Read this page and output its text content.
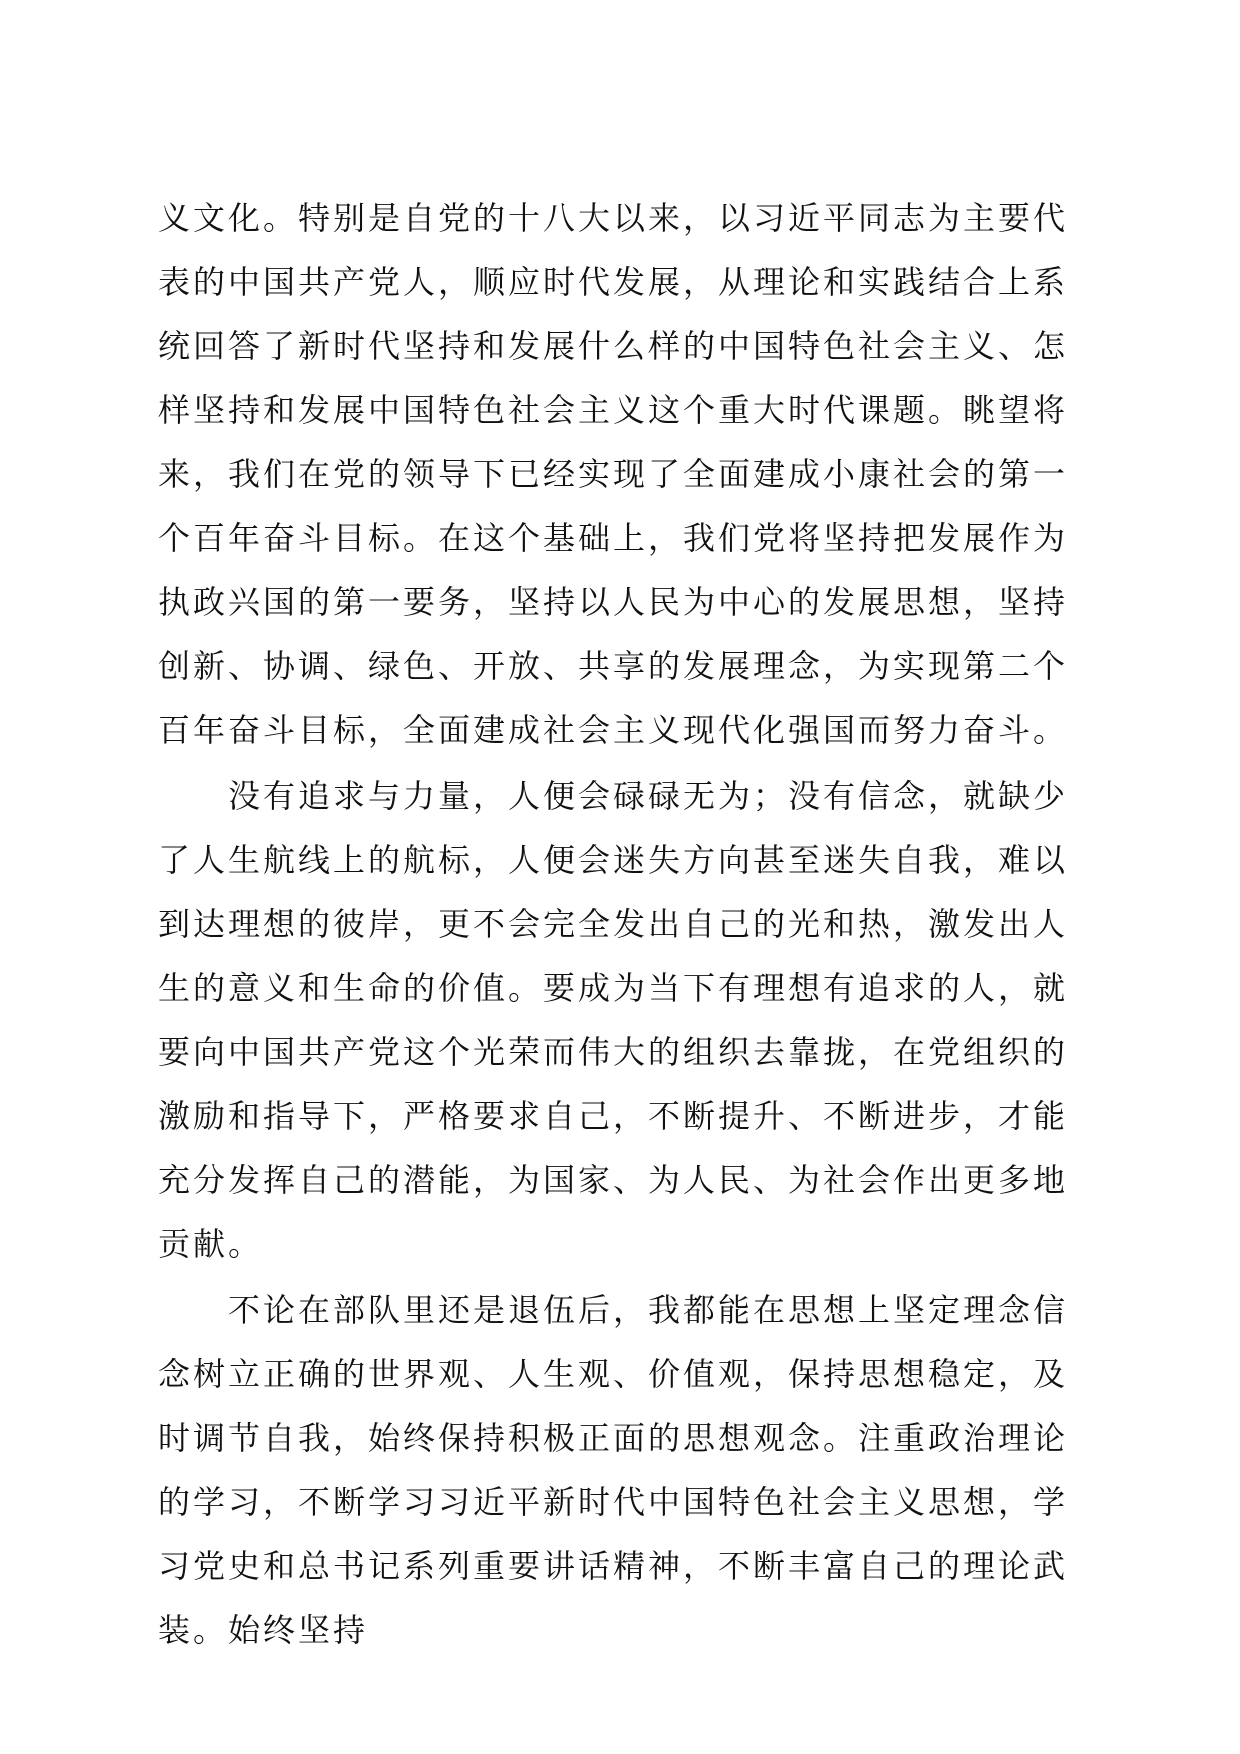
义文化。特别是自党的十八大以来，以习近平同志为主要代表的中国共产党人，顺应时代发展，从理论和实践结合上系统回答了新时代坚持和发展什么样的中国特色社会主义、怎样坚持和发展中国特色社会主义这个重大时代课题。眺望将来，我们在党的领导下已经实现了全面建成小康社会的第一个百年奋斗目标。在这个基础上，我们党将坚持把发展作为执政兴国的第一要务，坚持以人民为中心的发展思想，坚持创新、协调、绿色、开放、共享的发展理念，为实现第二个百年奋斗目标，全面建成社会主义现代化强国而努力奋斗。

没有追求与力量，人便会碌碌无为；没有信念，就缺少了人生航线上的航标，人便会迷失方向甚至迷失自我，难以到达理想的彼岸，更不会完全发出自己的光和热，激发出人生的意义和生命的价值。要成为当下有理想有追求的人，就要向中国共产党这个光荣而伟大的组织去靠拢，在党组织的激励和指导下，严格要求自己，不断提升、不断进步，才能充分发挥自己的潜能，为国家、为人民、为社会作出更多地贡献。

不论在部队里还是退伍后，我都能在思想上坚定理念信念树立正确的世界观、人生观、价值观，保持思想稳定，及时调节自我，始终保持积极正面的思想观念。注重政治理论的学习，不断学习习近平新时代中国特色社会主义思想，学习党史和总书记系列重要讲话精神，不断丰富自己的理论武装。始终坚持
